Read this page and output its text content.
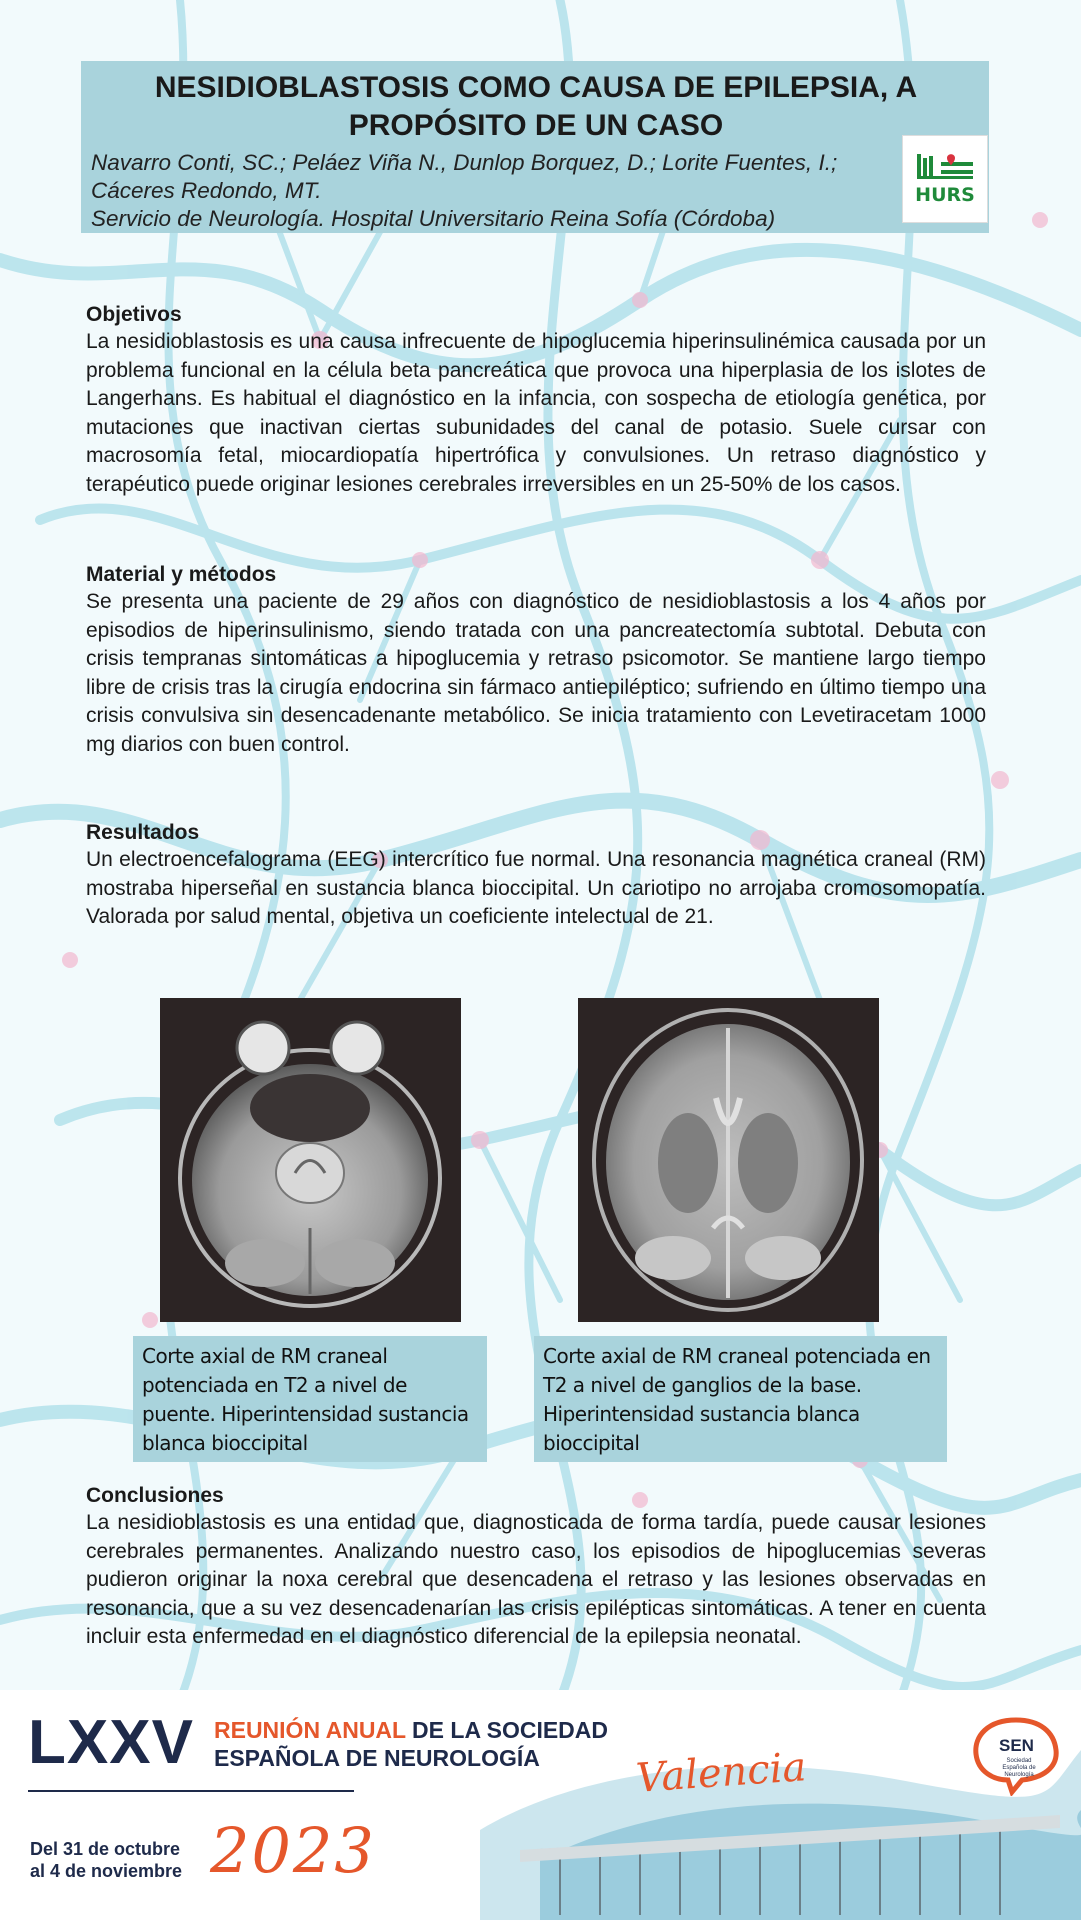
NESIDIOBLASTOSIS COMO CAUSA DE EPILEPSIA, A
PROPÓSITO DE UN CASO
Navarro Conti, SC.; Peláez Viña N., Dunlop Borquez, D.; Lorite Fuentes, I.;
Cáceres Redondo, MT.
Servicio de Neurología. Hospital Universitario Reina Sofía (Córdoba)
HURS
Objetivos
La nesidioblastosis es una causa infrecuente de hipoglucemia hiperinsulinémica causada por un problema funcional en la célula beta pancreática que provoca una hiperplasia de los islotes de Langerhans. Es habitual el diagnóstico en la infancia, con sospecha de etiología genética, por mutaciones que inactivan ciertas subunidades del canal de potasio. Suele cursar con macrosomía fetal, miocardiopatía hipertrófica y convulsiones. Un retraso diagnóstico y terapéutico puede originar lesiones cerebrales irreversibles en un 25-50% de los casos.
Material y métodos
Se presenta una paciente de 29 años con diagnóstico de nesidioblastosis a los 4 años por episodios de hiperinsulinismo, siendo tratada con una pancreatectomía subtotal. Debuta con crisis tempranas sintomáticas a hipoglucemia y retraso psicomotor. Se mantiene largo tiempo libre de crisis tras la cirugía endocrina sin fármaco antiepiléptico; sufriendo en último tiempo una crisis convulsiva sin desencadenante metabólico. Se inicia tratamiento con Levetiracetam 1000 mg diarios con buen control.
Resultados
Un electroencefalograma (EEG) intercrítico fue normal. Una resonancia magnética craneal (RM) mostraba hiperseñal en sustancia blanca bioccipital. Un cariotipo no arrojaba cromosomopatía. Valorada por salud mental, objetiva un coeficiente intelectual de 21.
Corte axial de RM craneal potenciada en T2 a nivel de puente. Hiperintensidad sustancia blanca bioccipital
Corte axial de RM craneal potenciada en T2 a nivel de ganglios de la base. Hiperintensidad sustancia blanca bioccipital
Conclusiones
La nesidioblastosis es una entidad que, diagnosticada de forma tardía, puede causar lesiones cerebrales permanentes. Analizando nuestro caso, los episodios de hipoglucemias severas pudieron originar la noxa cerebral que desencadena el retraso y las lesiones observadas en resonancia, que a su vez desencadenarían las crisis epilépticas sintomáticas. A tener en cuenta incluir esta enfermedad en el diagnóstico diferencial de la epilepsia neonatal.
LXXV REUNIÓN ANUAL DE LA SOCIEDAD
ESPAÑOLA DE NEUROLOGÍA Valencia
Del 31 de octubre
al 4 de noviembre 2023
SEN
Sociedad Española de Neurología
